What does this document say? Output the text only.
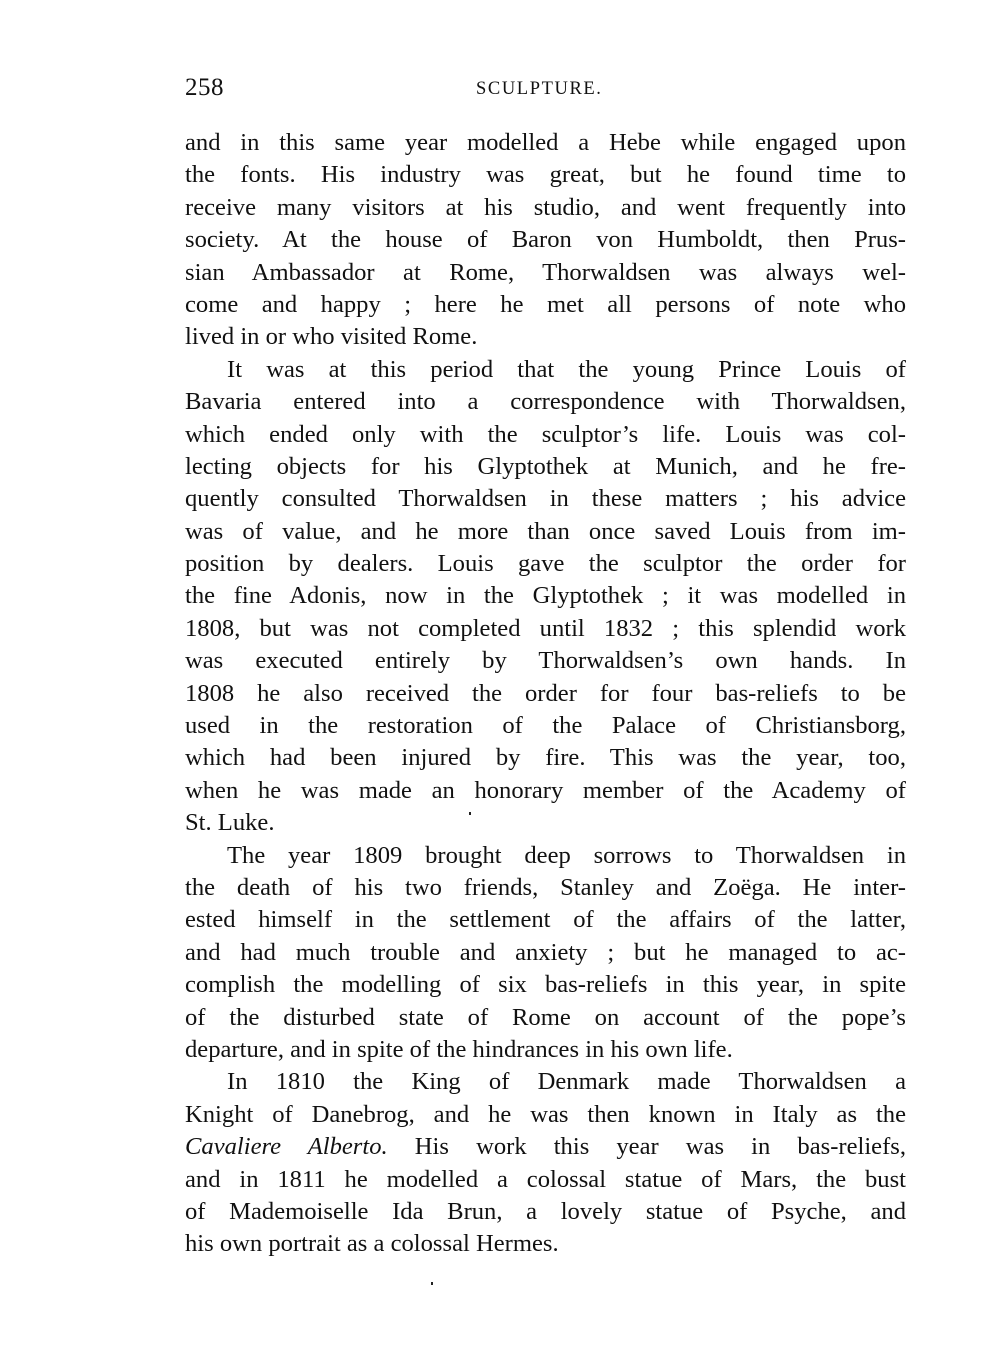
258	SCULPTURE.
and in this same year modelled a Hebe while engaged upon
the fonts. His industry was great, but he found time to
receive many visitors at his studio, and went frequently into
society. At the house of Baron von Humboldt, then Prus-
sian Ambassador at Rome, Thorwaldsen was always wel-
come and happy ; here he met all persons of note who
lived in or who visited Rome.
It was at this period that the young Prince Louis of
Bavaria entered into a correspondence with Thorwaldsen,
which ended only with the sculptor’s life. Louis was col-
lecting objects for his Glyptothek at Munich, and he fre-
quently consulted Thorwaldsen in these matters ; his advice
was of value, and he more than once saved Louis from im-
position by dealers. Louis gave the sculptor the order for
the fine Adonis, now in the Glyptothek ; it was modelled in
1808, but was not completed until 1832 ; this splendid work
was executed entirely by Thorwaldsen’s own hands. In
1808 he also received the order for four bas-reliefs to be
used in the restoration of the Palace of Christiansborg,
which had been injured by fire. This was the year, too,
when he was made an honorary member of the Academy of
St. Luke.
The year 1809 brought deep sorrows to Thorwaldsen in
the death of his two friends, Stanley and Zoëga. He inter-
ested himself in the settlement of the affairs of the latter,
and had much trouble and anxiety ; but he managed to ac-
complish the modelling of six bas-reliefs in this year, in spite
of the disturbed state of Rome on account of the pope’s
departure, and in spite of the hindrances in his own life.
In 1810 the King of Denmark made Thorwaldsen a
Knight of Danebrog, and he was then known in Italy as the
Cavaliere Alberto. His work this year was in bas-reliefs,
and in 1811 he modelled a colossal statue of Mars, the bust
of Mademoiselle Ida Brun, a lovely statue of Psyche, and
his own portrait as a colossal Hermes.
